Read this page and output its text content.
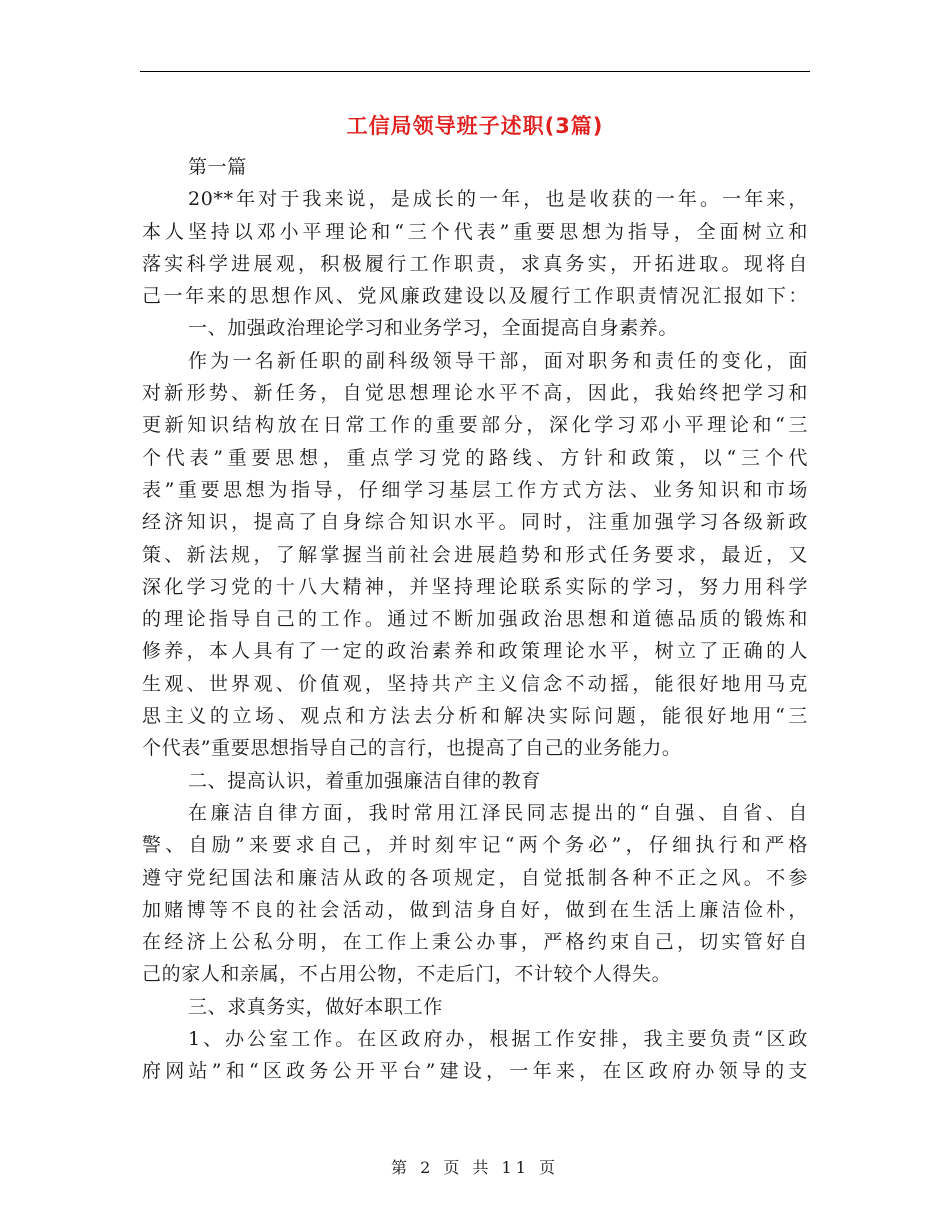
工信局领导班子述职(3篇)
第一篇
20**年对于我来说，是成长的一年，也是收获的一年。一年来，
本人坚持以邓小平理论和“三个代表”重要思想为指导，全面树立和
落实科学进展观，积极履行工作职责，求真务实，开拓进取。现将自
己一年来的思想作风、党风廉政建设以及履行工作职责情况汇报如下：
一、加强政治理论学习和业务学习，全面提高自身素养。
作为一名新任职的副科级领导干部，面对职务和责任的变化，面
对新形势、新任务，自觉思想理论水平不高，因此，我始终把学习和
更新知识结构放在日常工作的重要部分，深化学习邓小平理论和“三
个代表”重要思想，重点学习党的路线、方针和政策，以“三个代
表”重要思想为指导，仔细学习基层工作方式方法、业务知识和市场
经济知识，提高了自身综合知识水平。同时，注重加强学习各级新政
策、新法规，了解掌握当前社会进展趋势和形式任务要求，最近，又
深化学习党的十八大精神，并坚持理论联系实际的学习，努力用科学
的理论指导自己的工作。通过不断加强政治思想和道德品质的锻炼和
修养，本人具有了一定的政治素养和政策理论水平，树立了正确的人
生观、世界观、价值观，坚持共产主义信念不动摇，能很好地用马克
思主义的立场、观点和方法去分析和解决实际问题，能很好地用“三
个代表”重要思想指导自己的言行，也提高了自己的业务能力。
二、提高认识，着重加强廉洁自律的教育
在廉洁自律方面，我时常用江泽民同志提出的“自强、自省、自
警、自励”来要求自己，并时刻牢记“两个务必”，仔细执行和严格
遵守党纪国法和廉洁从政的各项规定，自觉抵制各种不正之风。不参
加赌博等不良的社会活动，做到洁身自好，做到在生活上廉洁俭朴，
在经济上公私分明，在工作上秉公办事，严格约束自己，切实管好自
己的家人和亲属，不占用公物，不走后门，不计较个人得失。
三、求真务实，做好本职工作
1、办公室工作。在区政府办，根据工作安排，我主要负责“区政
府网站”和“区政务公开平台”建设，一年来，在区政府办领导的支
第 2 页 共 11 页
